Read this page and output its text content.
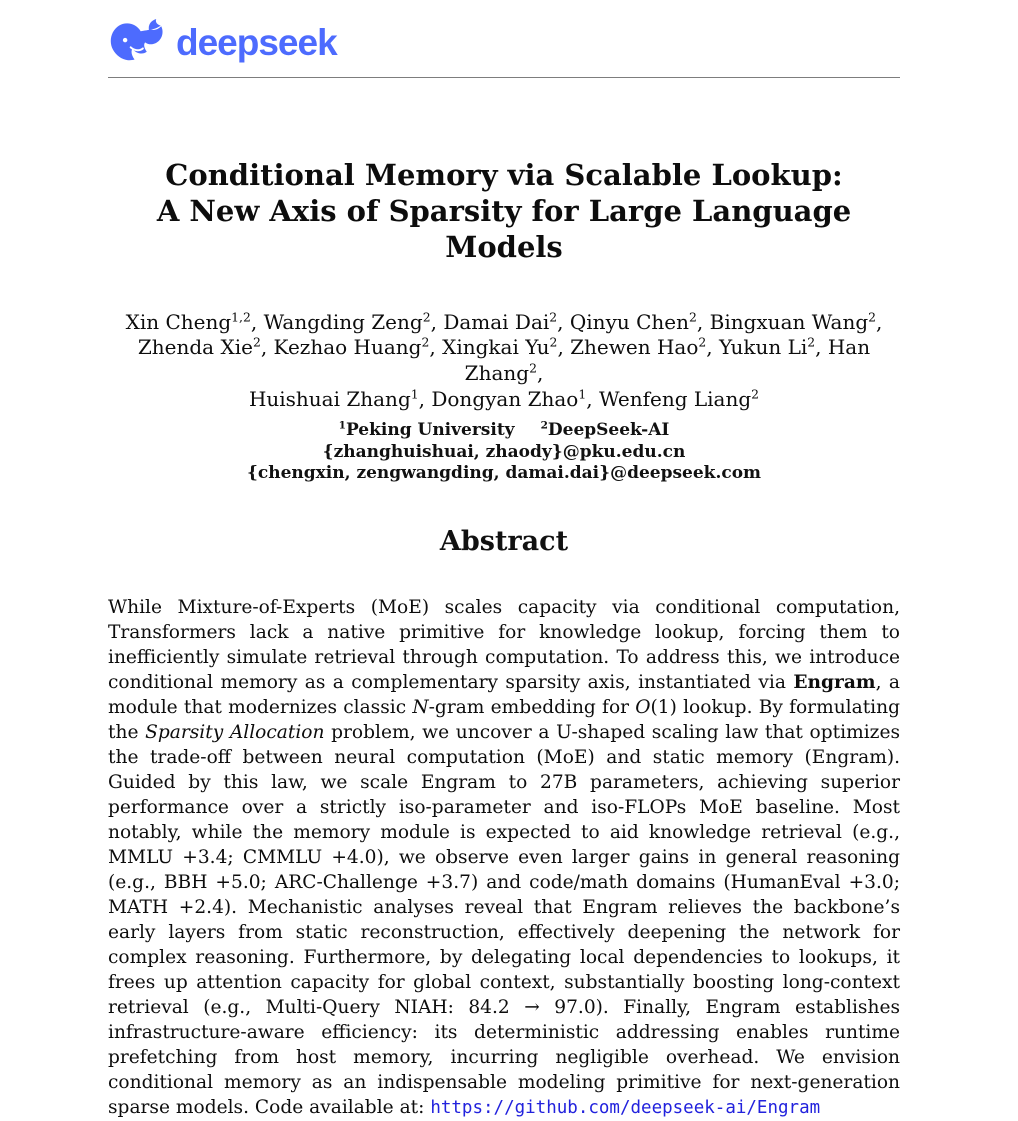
deepseek
Conditional Memory via Scalable Lookup:
A New Axis of Sparsity for Large Language Models
Xin Cheng$^{1,2}$, Wangding Zeng$^2$, Damai Dai$^2$, Qinyu Chen$^2$, Bingxuan Wang$^2$,
Zhenda Xie$^2$, Kezhao Huang$^2$, Xingkai Yu$^2$, Zhewen Hao$^2$, Yukun Li$^2$, Han Zhang$^2$,
Huishuai Zhang$^1$, Dongyan Zhao$^1$, Wenfeng Liang$^2$
$^1$Peking University $^2$DeepSeek-AI
{zhanghuishuai, zhaody}@pku.edu.cn
{chengxin, zengwangding, damai.dai}@deepseek.com
Abstract

While Mixture-of-Experts (MoE) scales capacity via conditional computation, Transformers lack a native primitive for knowledge lookup, forcing them to inefficiently simulate retrieval through computation. To address this, we introduce conditional memory as a complementary sparsity axis, instantiated via Engram, a module that modernizes classic N-gram embedding for O(1) lookup. By formulating the Sparsity Allocation problem, we uncover a U-shaped scaling law that optimizes the trade-off between neural computation (MoE) and static memory (Engram). Guided by this law, we scale Engram to 27B parameters, achieving superior performance over a strictly iso-parameter and iso-FLOPs MoE baseline. Most notably, while the memory module is expected to aid knowledge retrieval (e.g., MMLU +3.4; CMMLU +4.0), we observe even larger gains in general reasoning (e.g., BBH +5.0; ARC-Challenge +3.7) and code/math domains (HumanEval +3.0; MATH +2.4). Mechanistic analyses reveal that Engram relieves the backbone’s early layers from static reconstruction, effectively deepening the network for complex reasoning. Furthermore, by delegating local dependencies to lookups, it frees up attention capacity for global context, substantially boosting long-context retrieval (e.g., Multi-Query NIAH: 84.2 → 97.0). Finally, Engram establishes infrastructure-aware efficiency: its deterministic addressing enables runtime prefetching from host memory, incurring negligible overhead. We envision conditional memory as an indispensable modeling primitive for next-generation sparse models. Code available at: https://github.com/deepseek-ai/Engram
